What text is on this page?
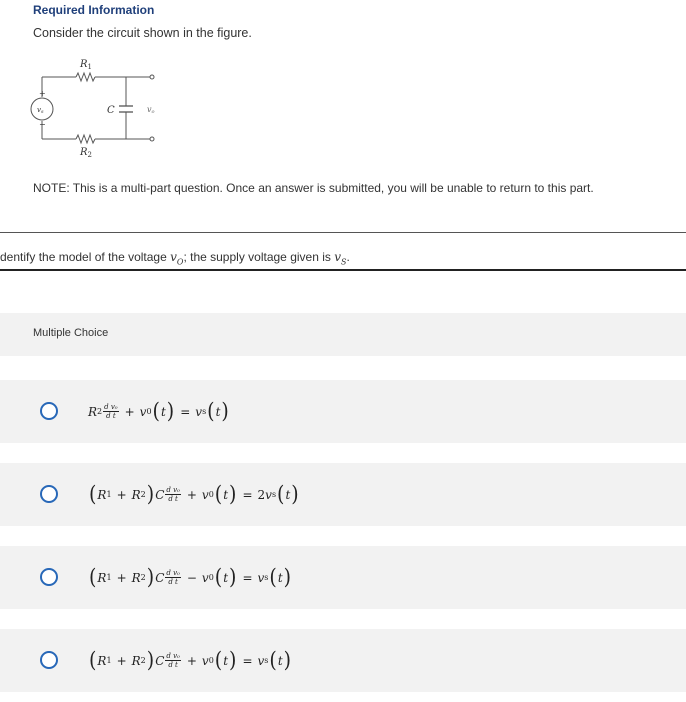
Required Information
Consider the circuit shown in the figure.
$R_1$
$R_2$
C
vs
+
−
vo
NOTE: This is a multi-part question. Once an answer is submitted, you will be unable to return to this part.
dentify the model of the voltage $v_O$; the supply voltage given is $v_S$.
Multiple Choice
R $2 \frac{\text{d v₀}}{\text{d t}} + v$ 0 ( t ) = v s ( t )
( R 1 + R 2 ) C $\frac{\text{d v₀}}{\text{d t}} + v$ 0 ( t ) = 2 v s ( t )
( R 1 + R 2 ) C $\frac{\text{d v₀}}{\text{d t}} - v$ 0 ( t ) = v s ( t )
( R 1 + R 2 ) C $\frac{\text{d v₀}}{\text{d t}} + v$ 0 ( t ) = v s ( t )
